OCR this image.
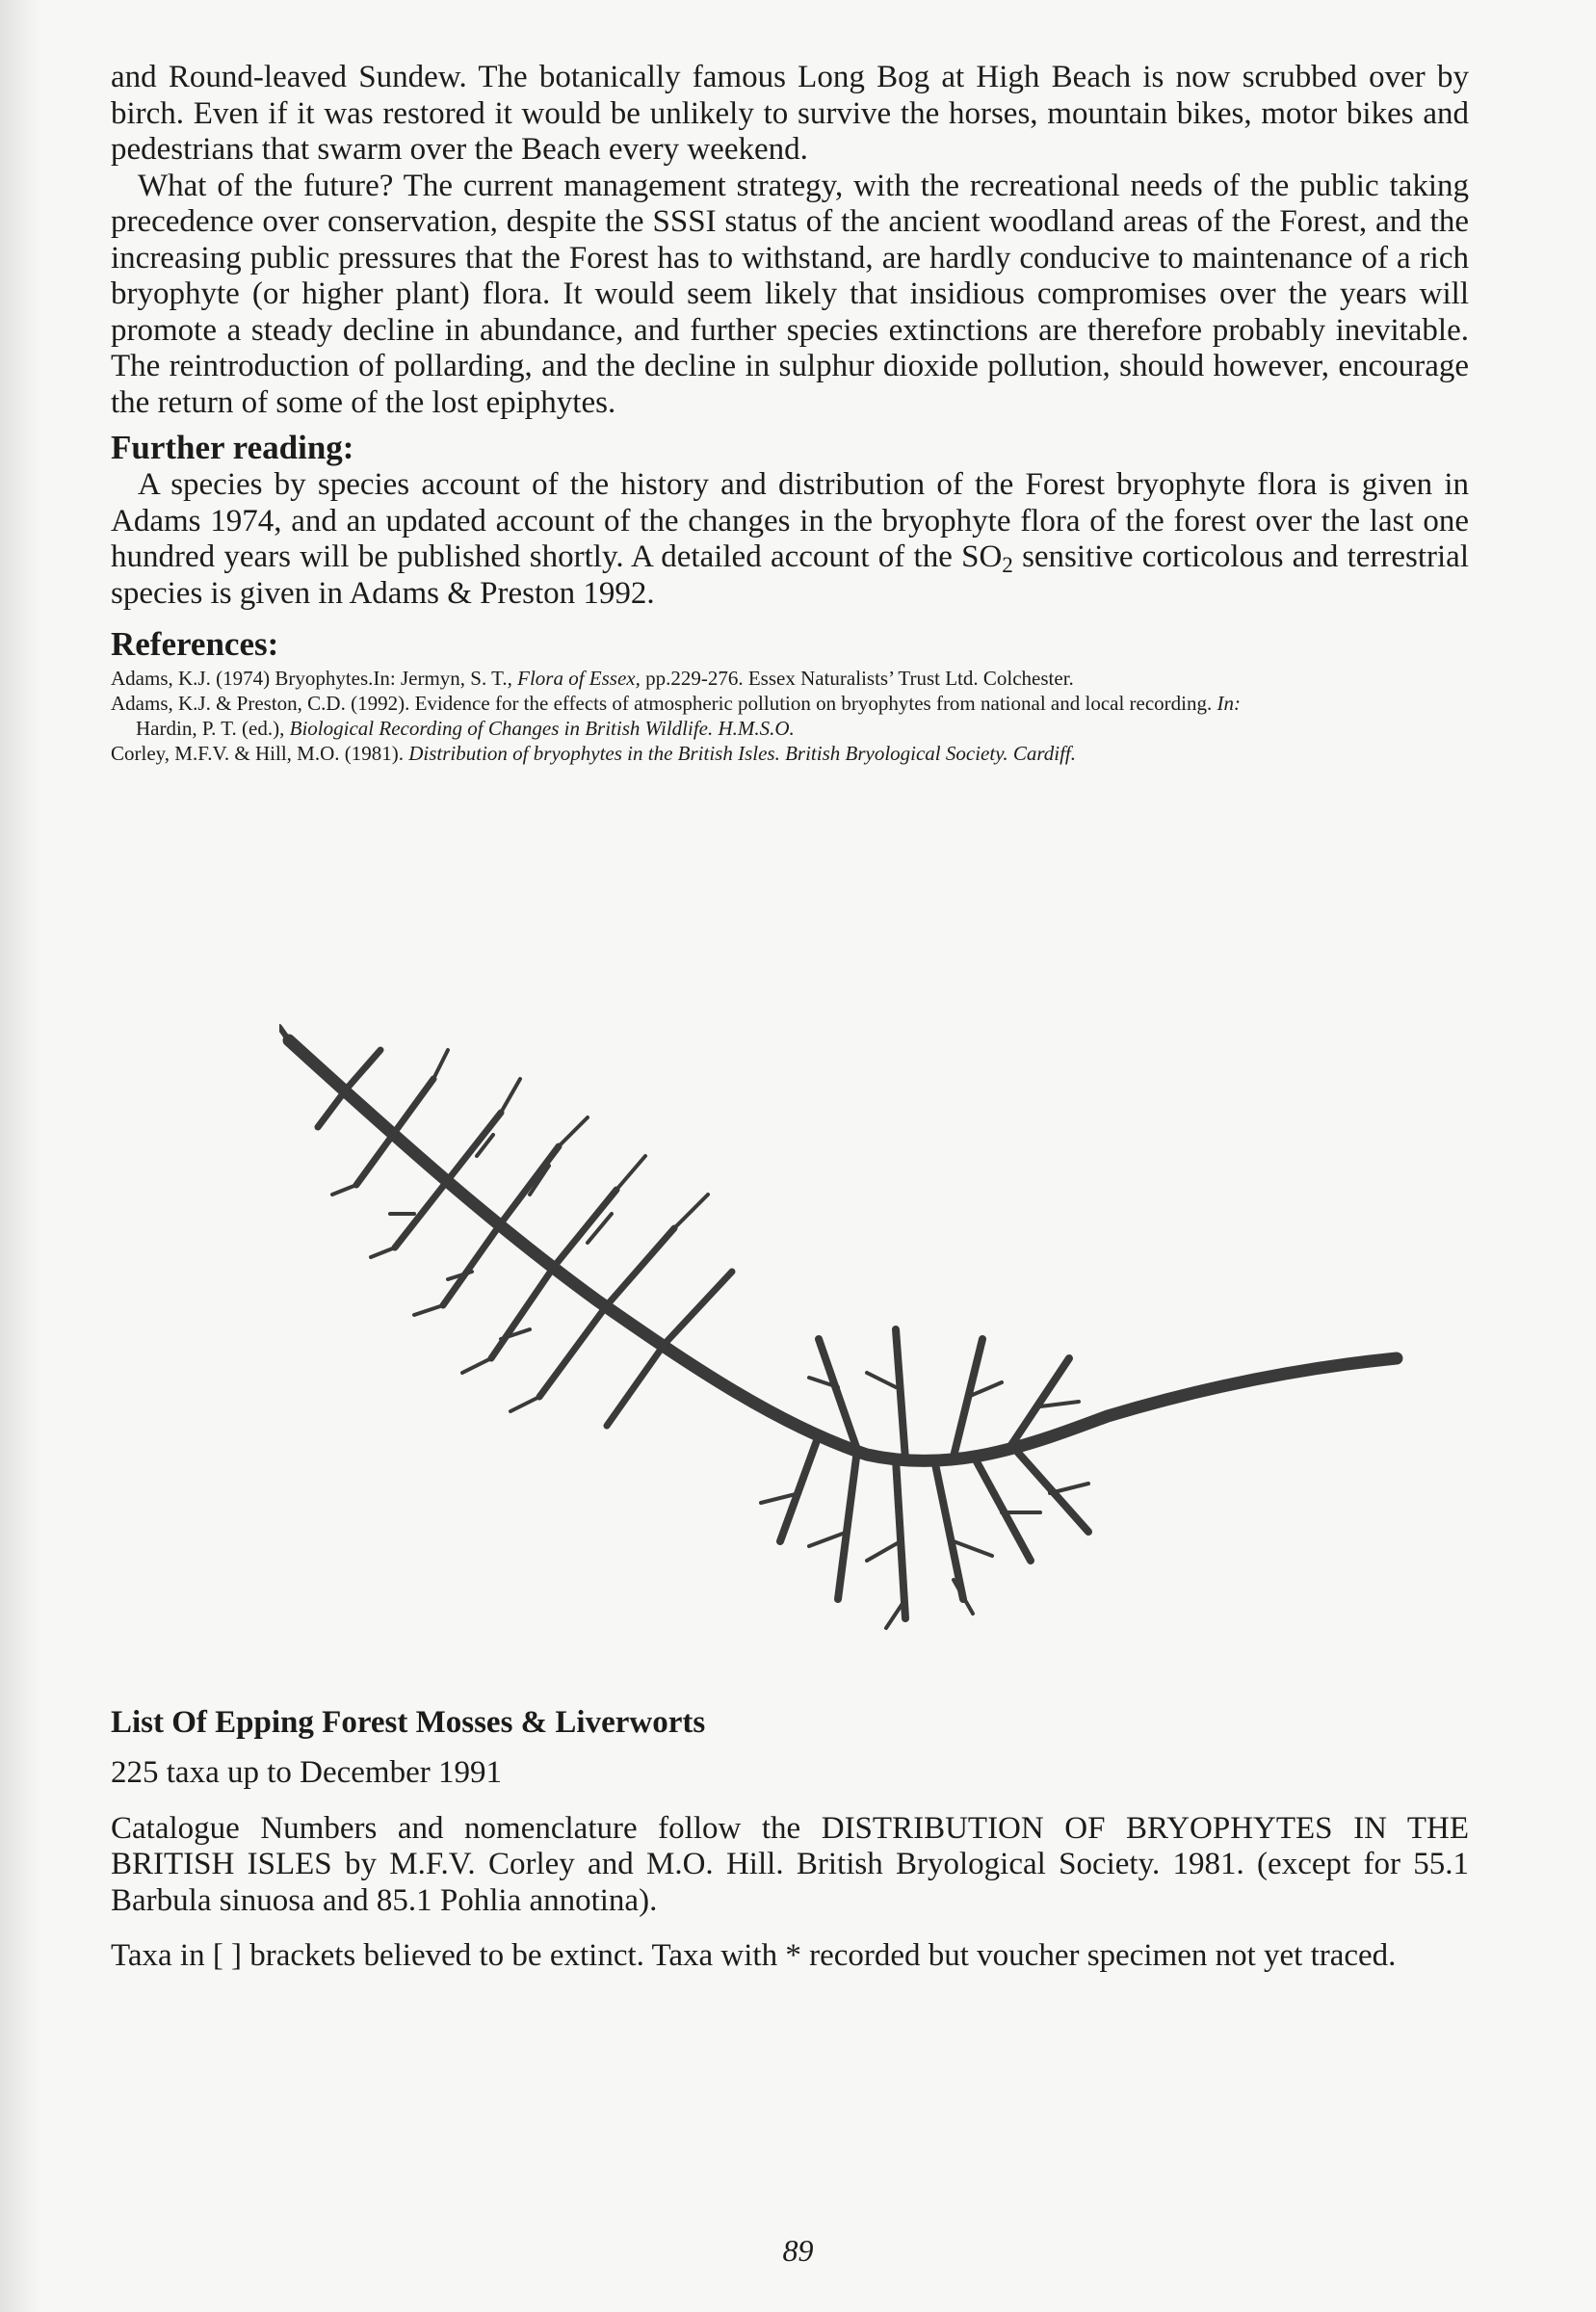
and Round-leaved Sundew. The botanically famous Long Bog at High Beach is now scrubbed over by birch. Even if it was restored it would be unlikely to survive the horses, mountain bikes, motor bikes and pedestrians that swarm over the Beach every weekend.

What of the future? The current management strategy, with the recreational needs of the public taking precedence over conservation, despite the SSSI status of the ancient woodland areas of the Forest, and the increasing public pressures that the Forest has to withstand, are hardly conducive to maintenance of a rich bryophyte (or higher plant) flora. It would seem likely that insidious compromises over the years will promote a steady decline in abundance, and further species extinctions are therefore probably inevitable. The reintroduction of pollarding, and the decline in sulphur dioxide pollution, should however, encourage the return of some of the lost epiphytes.

Further reading:

A species by species account of the history and distribution of the Forest bryophyte flora is given in Adams 1974, and an updated account of the changes in the bryophyte flora of the forest over the last one hundred years will be published shortly. A detailed account of the $SO_2$ sensitive corticolous and terrestrial species is given in Adams & Preston 1992.

References:

Adams, K.J. (1974) Bryophytes.In: Jermyn, S. T., Flora of Essex, pp.229-276. Essex Naturalists’ Trust Ltd. Colchester.

Adams, K.J. & Preston, C.D. (1992). Evidence for the effects of atmospheric pollution on bryophytes from national and local recording. In:

Hardin, P. T. (ed.), Biological Recording of Changes in British Wildlife. H.M.S.O.

Corley, M.F.V. & Hill, M.O. (1981). Distribution of bryophytes in the British Isles. British Bryological Society. Cardiff.

List Of Epping Forest Mosses & Liverworts

225 taxa up to December 1991

Catalogue Numbers and nomenclature follow the DISTRIBUTION OF BRYOPHYTES IN THE BRITISH ISLES by M.F.V. Corley and M.O. Hill. British Bryological Society. 1981. (except for 55.1 Barbula sinuosa and 85.1 Pohlia annotina).

Taxa in [ ] brackets believed to be extinct. Taxa with * recorded but voucher specimen not yet traced.

89
